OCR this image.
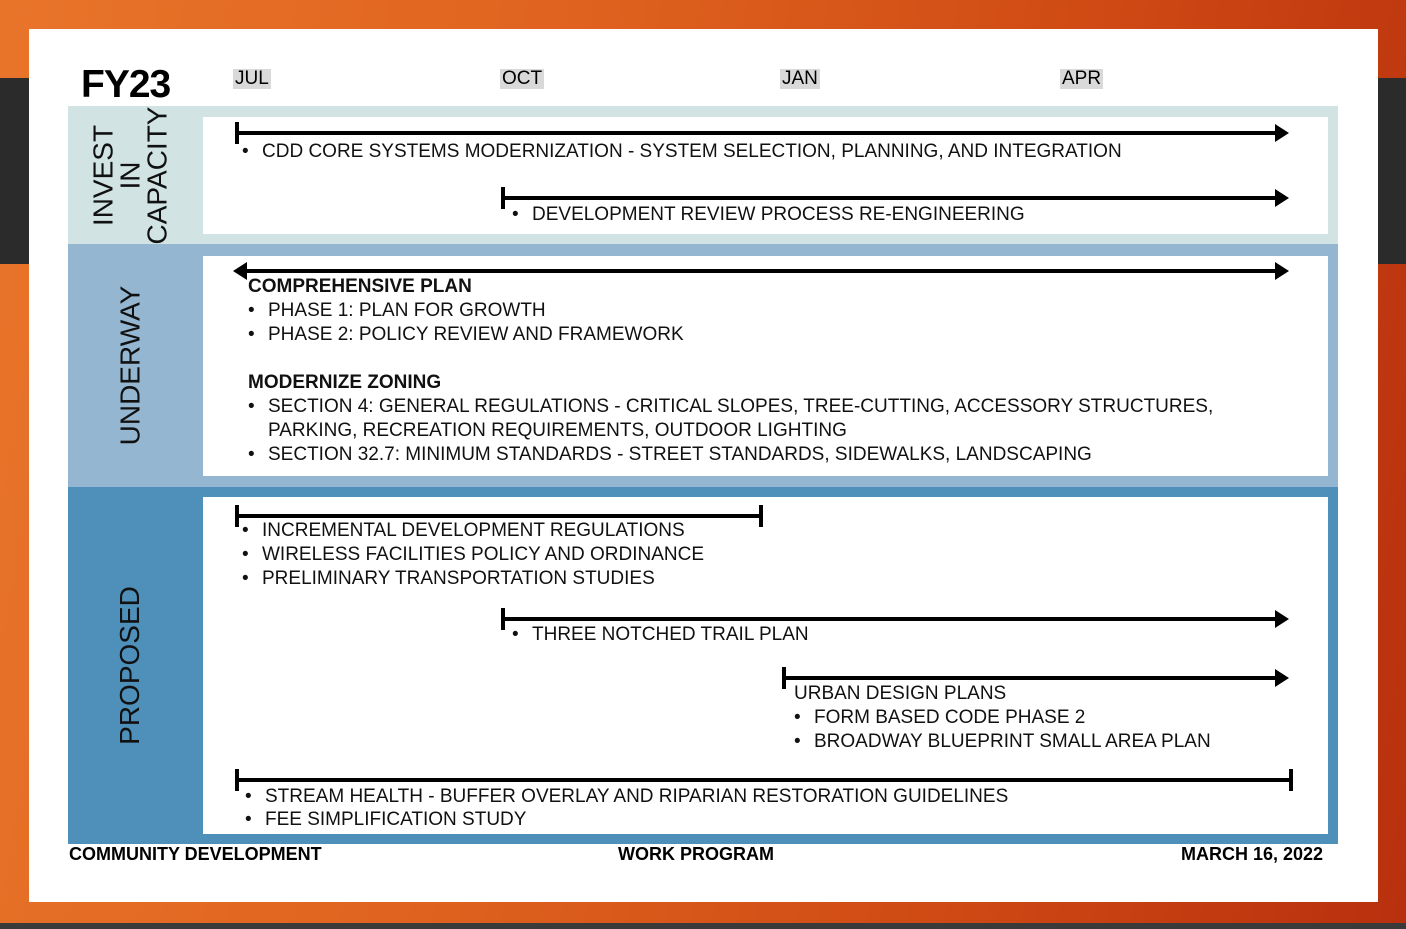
FY23	JUL	OCT	JAN	APR
INVEST
IN
CAPACITY
•	CDD CORE SYSTEMS MODERNIZATION - SYSTEM SELECTION, PLANNING, AND INTEGRATION
• DEVELOPMENT REVIEW PROCESS RE-ENGINEERING
UNDERWAY	COMPREHENSIVE PLAN
• PHASE 1: PLAN FOR GROWTH
• PHASE 2: POLICY REVIEW AND FRAMEWORK
MODERNIZE ZONING
• SECTION 4: GENERAL REGULATIONS - CRITICAL SLOPES, TREE-CUTTING, ACCESSORY STRUCTURES,
PARKING, RECREATION REQUIREMENTS, OUTDOOR LIGHTING
• SECTION 32.7: MINIMUM STANDARDS - STREET STANDARDS, SIDEWALKS, LANDSCAPING
PROPOSED
• INCREMENTAL DEVELOPMENT REGULATIONS
• WIRELESS FACILITIES POLICY AND ORDINANCE
• PRELIMINARY TRANSPORTATION STUDIES
• THREE NOTCHED TRAIL PLAN
URBAN DESIGN PLANS
• FORM BASED CODE PHASE 2
• BROADWAY BLUEPRINT SMALL AREA PLAN
• STREAM HEALTH - BUFFER OVERLAY AND RIPARIAN RESTORATION GUIDELINES
• FEE SIMPLIFICATION STUDY
COMMUNITY DEVELOPMENT	WORK PROGRAM	MARCH 16, 2022
